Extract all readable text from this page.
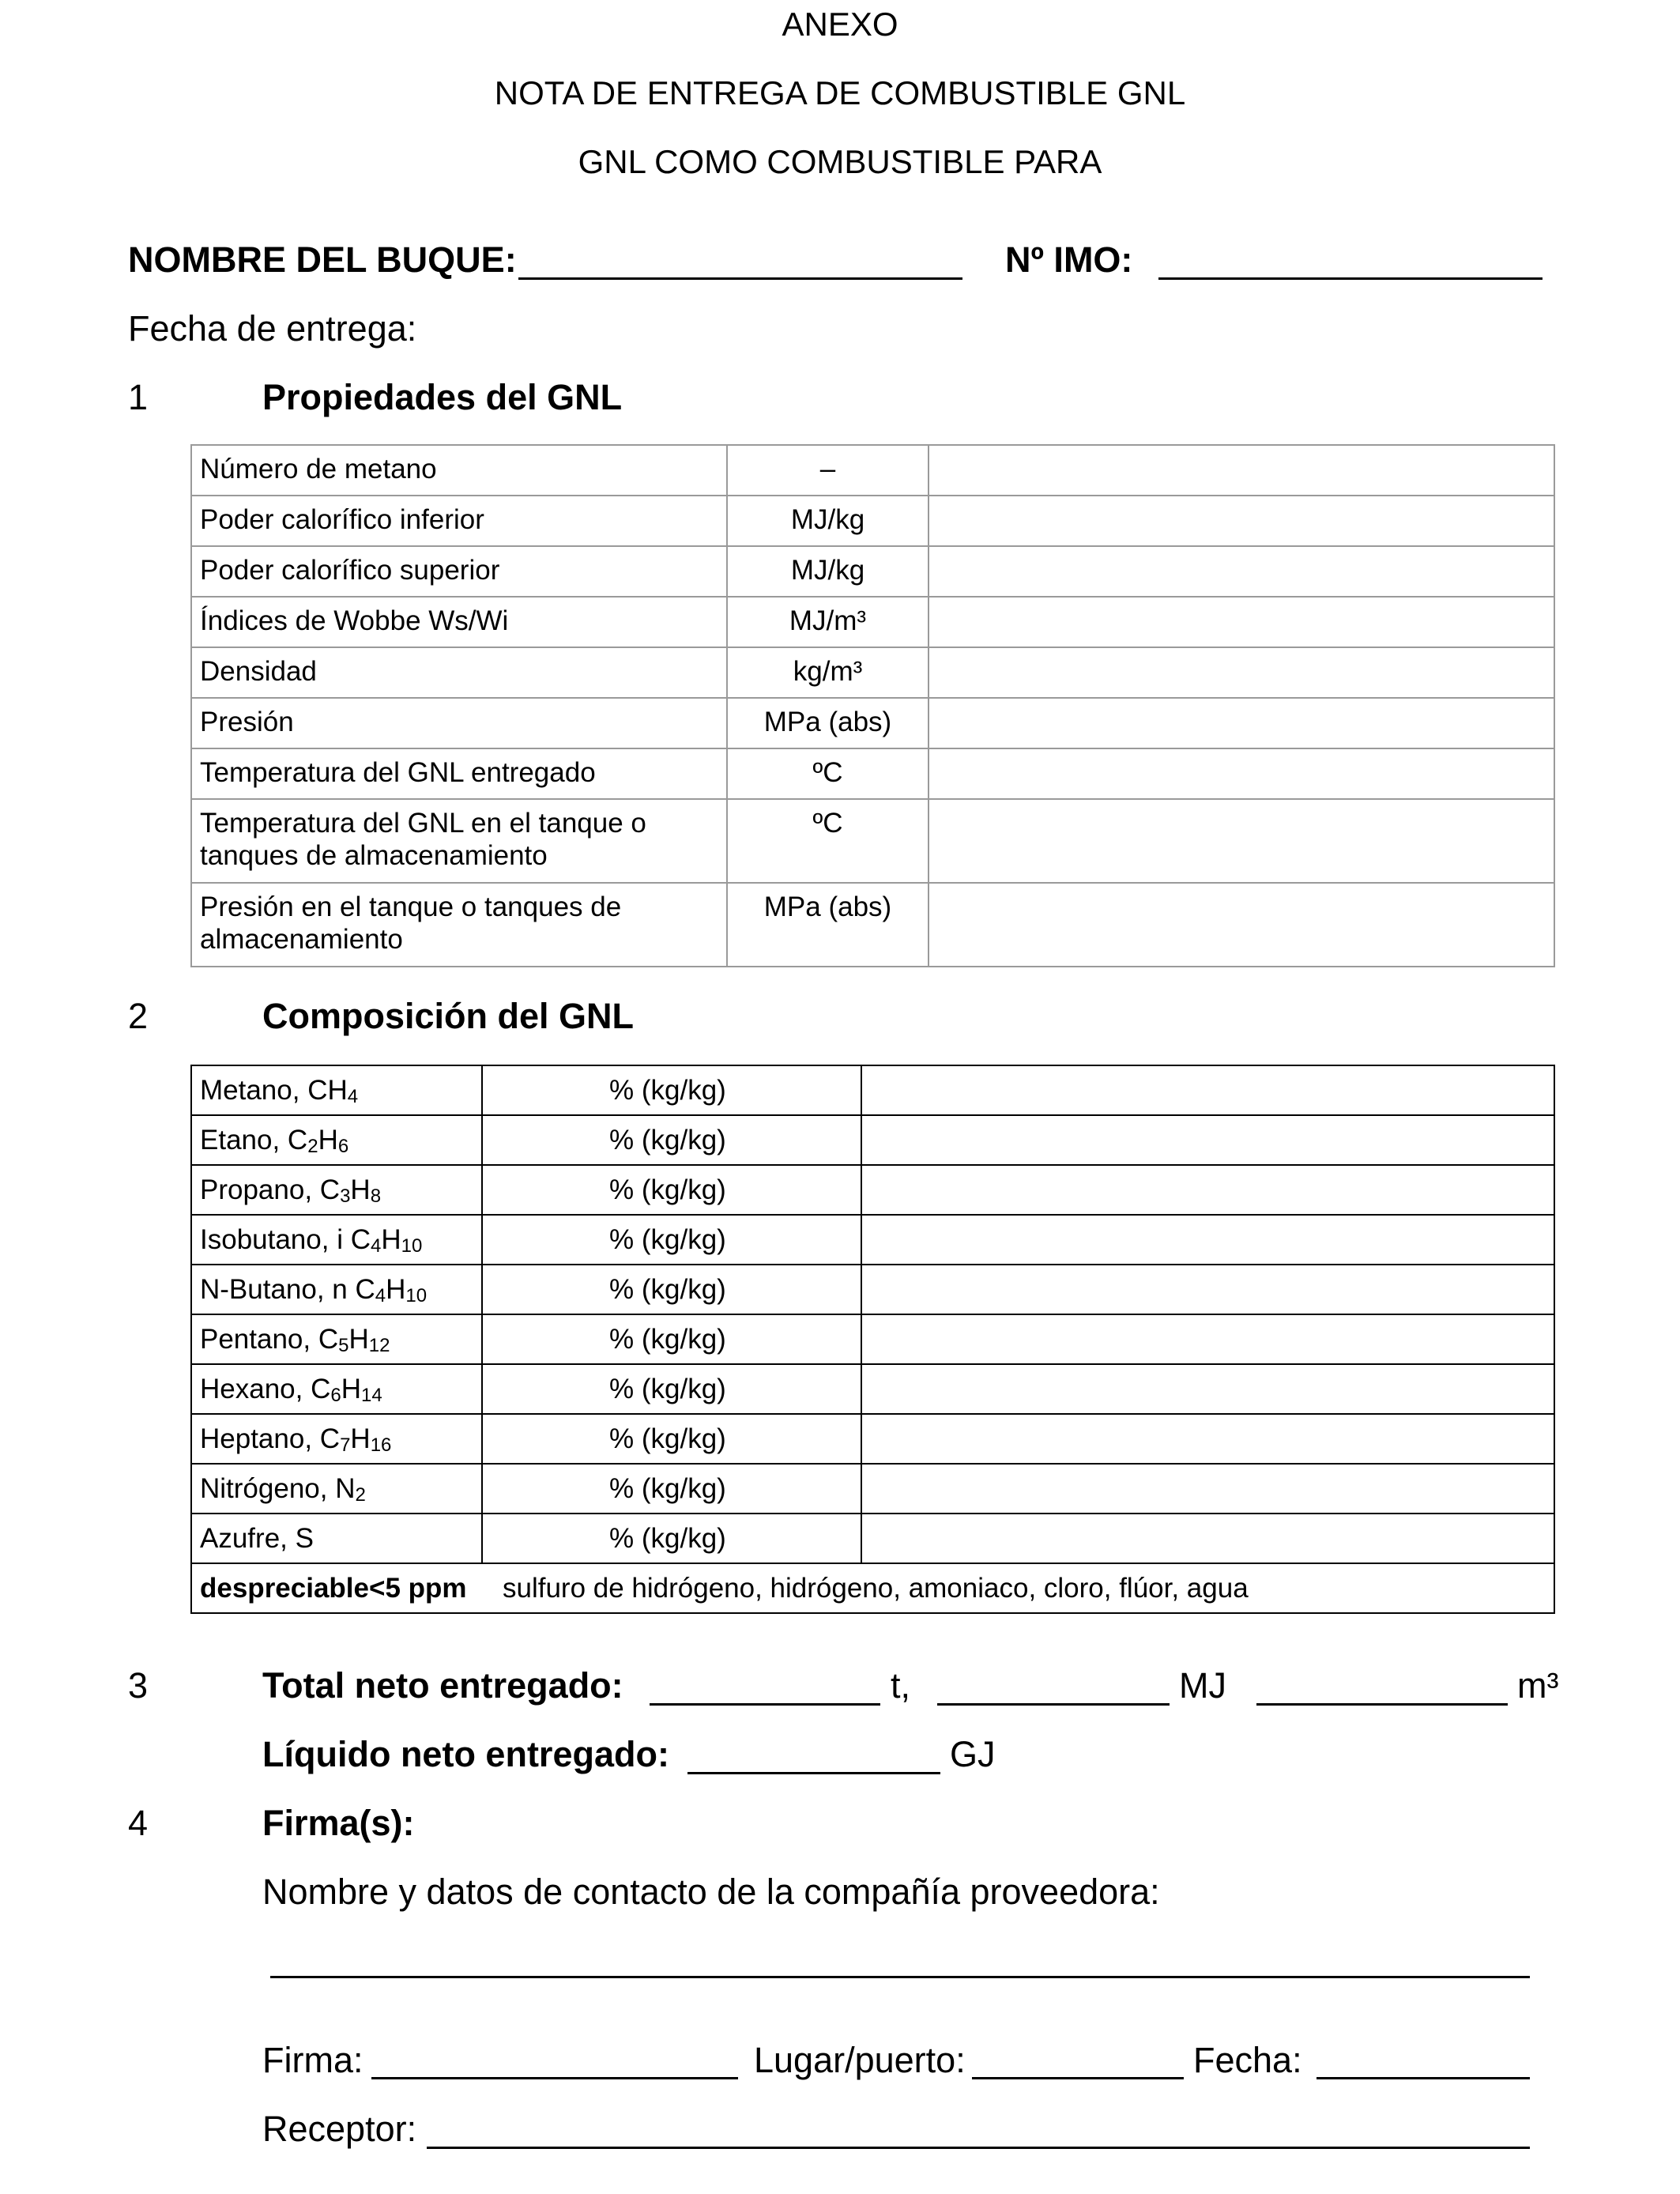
ANEXO
NOTA DE ENTREGA DE COMBUSTIBLE GNL
GNL COMO COMBUSTIBLE PARA
NOMBRE DEL BUQUE:	Nº IMO:
Fecha de entrega:
1	Propiedades del GNL
Número de metano	–	

Poder calorífico inferior	MJ/kg	

Poder calorífico superior	MJ/kg	

Índices de Wobbe Ws/Wi	MJ/m³	

Densidad	kg/m³	

Presión	MPa (abs)	

Temperatura del GNL entregado	ºC	

Temperatura del GNL en el tanque o tanques de almacenamiento	ºC	

Presión en el tanque o tanques de almacenamiento	MPa (abs)	

2	Composición del GNL
Metano, $CH_4$	% (kg/kg)	
Etano, $C_2H_6$	% (kg/kg)	
Propano, $C_3H_8$	% (kg/kg)	
Isobutano, i $C_4H_{10}$	% (kg/kg)	
N-Butano, n $C_4H_{10}$	% (kg/kg)	
Pentano, $C_5H_{12}$	% (kg/kg)	
Hexano, $C_6H_{14}$	% (kg/kg)	
Heptano, $C_7H_{16}$	% (kg/kg)	
Nitrógeno, $N_2$	% (kg/kg)	
Azufre, S	% (kg/kg)	
despreciable<5 ppm sulfuro de hidrógeno, hidrógeno, amoniaco, cloro, flúor, agua		
3	Total neto entregado:	t,	MJ	m³
Líquido neto entregado:	GJ
4	Firma(s):
Nombre y datos de contacto de la compañía proveedora:
Firma:	Lugar/puerto:	Fecha:
Receptor:
